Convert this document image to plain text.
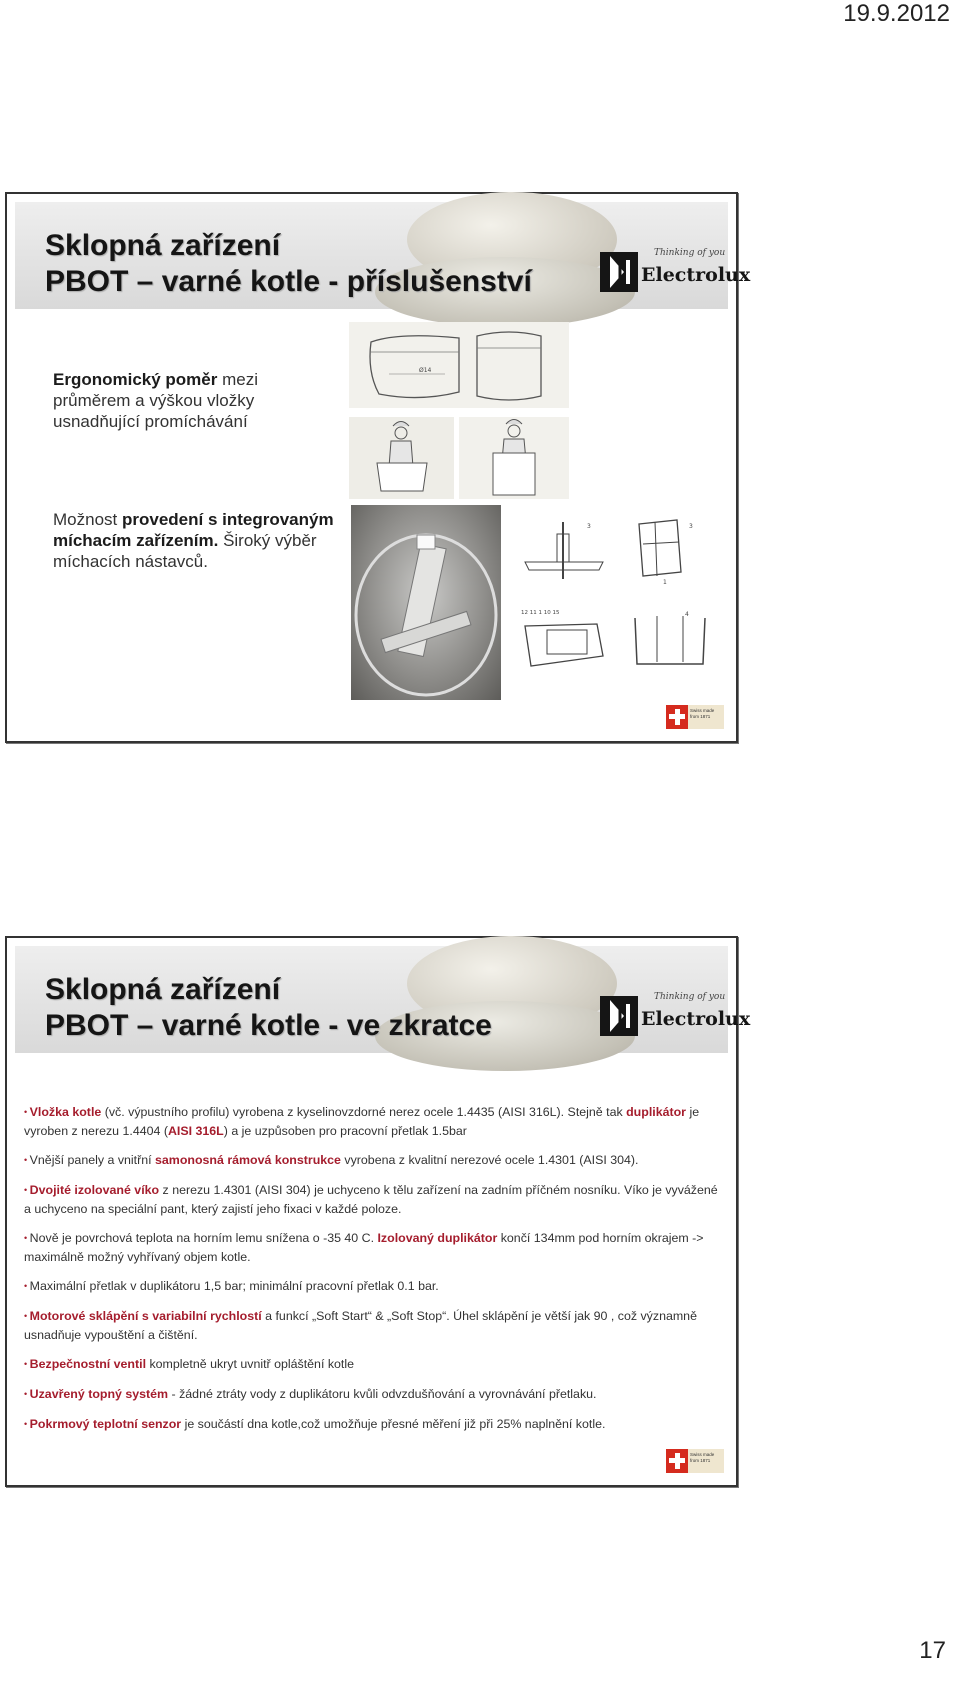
19.9.2012
Sklopná zařízení
PBOT – varné kotle - příslušenství
Thinking of you
Electrolux
Ergonomický poměr mezi průměrem a výškou vložky usnadňující promíchávání
Možnost provedení s integrovaným míchacím zařízením. Široký výběr míchacích nástavců.
Ø14
3	3
1
12 11 1 10 15	4
Swiss made from 1871
Sklopná zařízení
PBOT – varné kotle - ve zkratce
Thinking of you
Electrolux
• Vložka kotle (vč. výpustního profilu) vyrobena z kyselinovzdorné nerez ocele 1.4435 (AISI 316L). Stejně tak duplikátor je vyroben z nerezu 1.4404 (AISI 316L) a je uzpůsoben pro pracovní přetlak 1.5bar
• Vnější panely a vnitřní samonosná rámová konstrukce vyrobena z kvalitní nerezové ocele 1.4301 (AISI 304).
• Dvojité izolované víko z nerezu 1.4301 (AISI 304) je uchyceno k tělu zařízení na zadním příčném nosníku. Víko je vyvážené a uchyceno na speciální pant, který zajistí jeho fixaci v každé poloze.
• Nově je povrchová teplota na horním lemu snížena o -35 40 C. Izolovaný duplikátor končí 134mm pod horním okrajem -> maximálně možný vyhřívaný objem kotle.
• Maximální přetlak v duplikátoru 1,5 bar; minimální pracovní přetlak 0.1 bar.
• Motorové sklápění s variabilní rychlostí a funkcí „Soft Start“ & „Soft Stop“. Úhel sklápění je větší jak 90 , což významně usnadňuje vypouštění a čištění.
• Bezpečnostní ventil kompletně ukryt uvnitř opláštění kotle
• Uzavřený topný systém - žádné ztráty vody z duplikátoru kvůli odvzdušňování a vyrovnávání přetlaku.
• Pokrmový teplotní senzor je součástí dna kotle,což umožňuje přesné měření již při 25% naplnění kotle.
Swiss made from 1871
17
